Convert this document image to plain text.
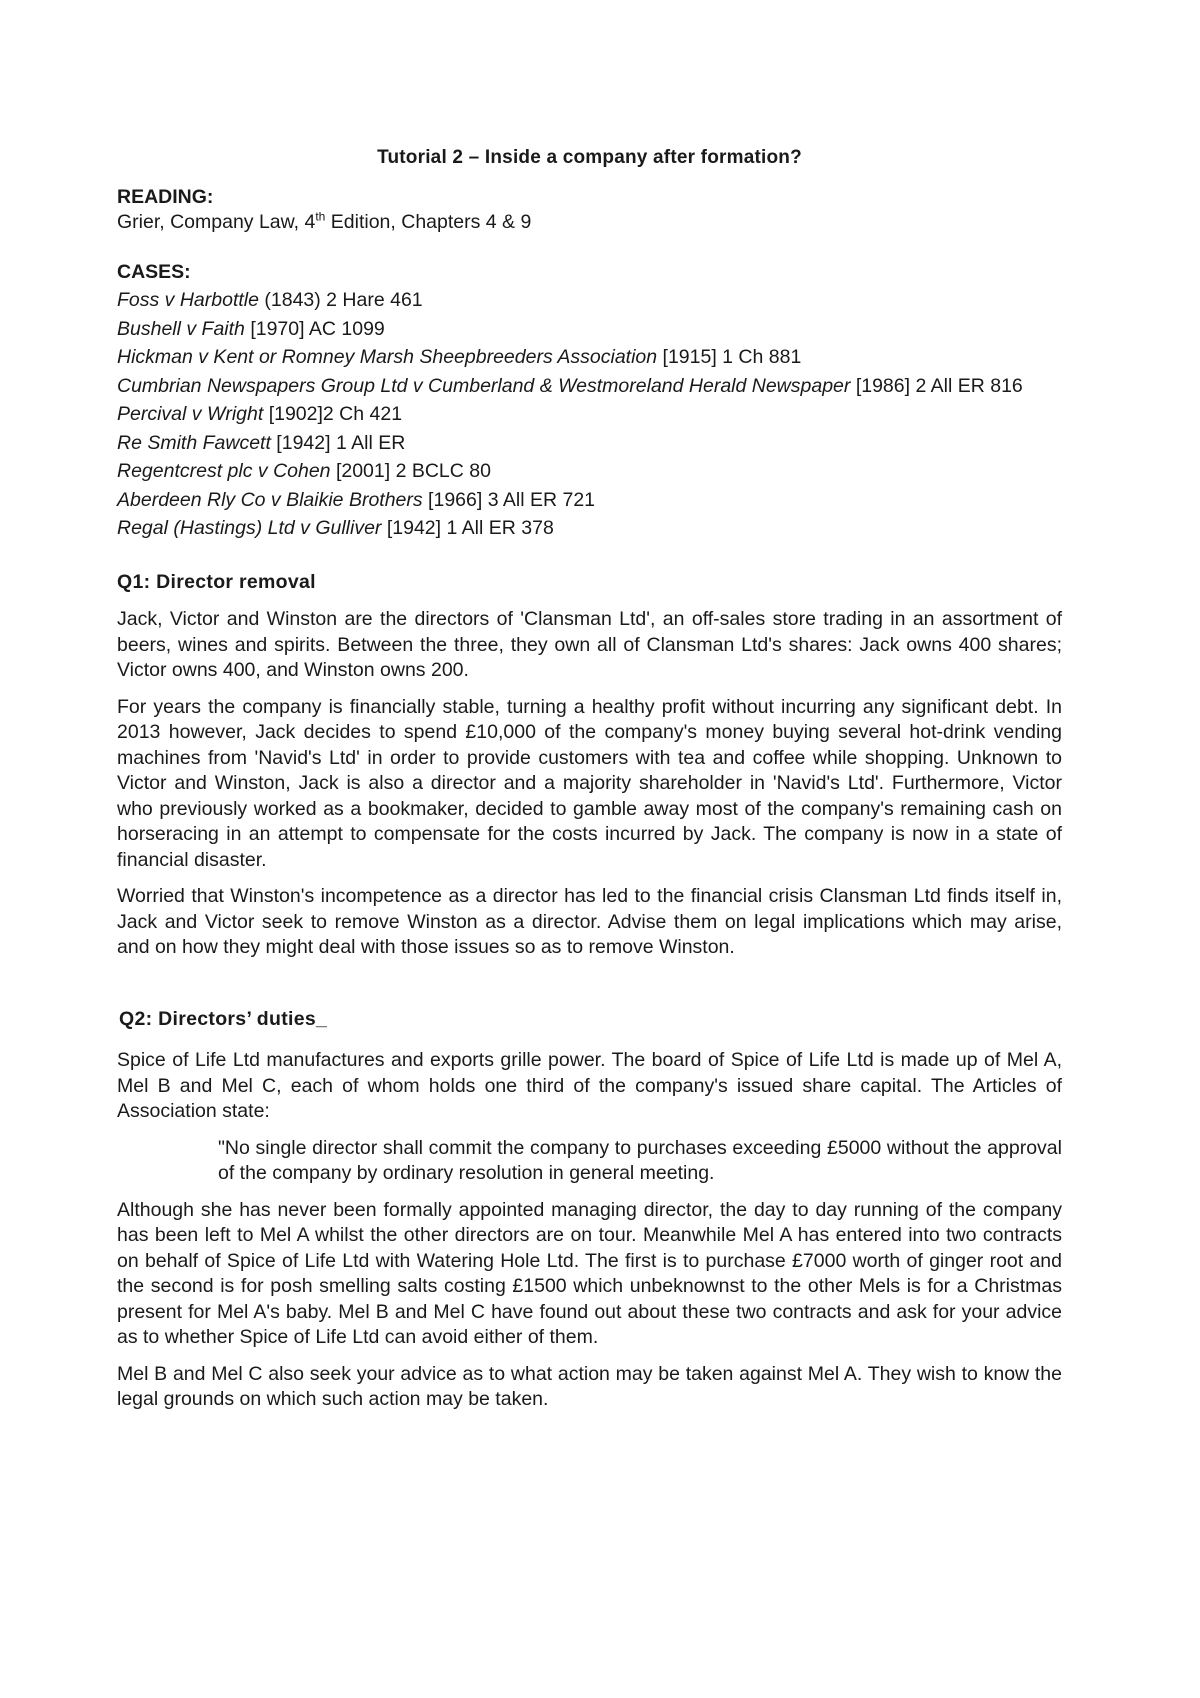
Tutorial 2 – Inside a company after formation?

READING:

Grier, Company Law, 4th Edition, Chapters 4 & 9

CASES:

Foss v Harbottle (1843) 2 Hare 461

Bushell v Faith [1970] AC 1099

Hickman v Kent or Romney Marsh Sheepbreeders Association [1915] 1 Ch 881

Cumbrian Newspapers Group Ltd v Cumberland & Westmoreland Herald Newspaper [1986] 2 All ER 816

Percival v Wright [1902]2 Ch 421

Re Smith Fawcett [1942] 1 All ER

Regentcrest plc v Cohen [2001] 2 BCLC 80

Aberdeen Rly Co v Blaikie Brothers [1966] 3 All ER 721

Regal (Hastings) Ltd v Gulliver [1942] 1 All ER 378

Q1: Director removal

Jack, Victor and Winston are the directors of 'Clansman Ltd', an off-sales store trading in an assortment of beers, wines and spirits. Between the three, they own all of Clansman Ltd's shares: Jack owns 400 shares; Victor owns 400, and Winston owns 200.

For years the company is financially stable, turning a healthy profit without incurring any significant debt. In 2013 however, Jack decides to spend £10,000 of the company's money buying several hot-drink vending machines from 'Navid's Ltd' in order to provide customers with tea and coffee while shopping. Unknown to Victor and Winston, Jack is also a director and a majority shareholder in 'Navid's Ltd'. Furthermore, Victor who previously worked as a bookmaker, decided to gamble away most of the company's remaining cash on horseracing in an attempt to compensate for the costs incurred by Jack. The company is now in a state of financial disaster.

Worried that Winston's incompetence as a director has led to the financial crisis Clansman Ltd finds itself in, Jack and Victor seek to remove Winston as a director. Advise them on legal implications which may arise, and on how they might deal with those issues so as to remove Winston.

Q2: Directors’ duties_

Spice of Life Ltd manufactures and exports grille power. The board of Spice of Life Ltd is made up of Mel A, Mel B and Mel C, each of whom holds one third of the company's issued share capital. The Articles of Association state:

"No single director shall commit the company to purchases exceeding £5000 without the approval of the company by ordinary resolution in general meeting.

Although she has never been formally appointed managing director, the day to day running of the company has been left to Mel A whilst the other directors are on tour. Meanwhile Mel A has entered into two contracts on behalf of Spice of Life Ltd with Watering Hole Ltd. The first is to purchase £7000 worth of ginger root and the second is for posh smelling salts costing £1500 which unbeknownst to the other Mels is for a Christmas present for Mel A's baby. Mel B and Mel C have found out about these two contracts and ask for your advice as to whether Spice of Life Ltd can avoid either of them.

Mel B and Mel C also seek your advice as to what action may be taken against Mel A. They wish to know the legal grounds on which such action may be taken.
